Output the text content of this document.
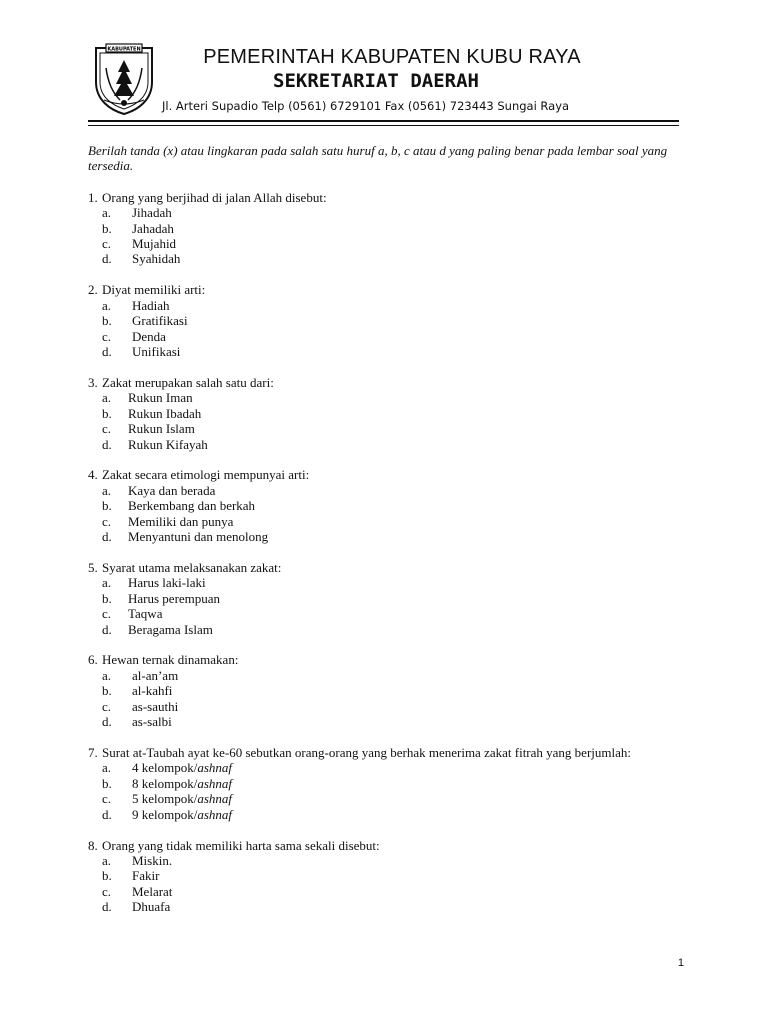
KABUPATEN	PEMERINTAH KABUPATEN KUBU RAYA
SEKRETARIAT DAERAH
Jl. Arteri Supadio Telp (0561) 6729101 Fax (0561) 723443 Sungai Raya

Berilah tanda (x) atau lingkaran pada salah satu huruf a, b, c atau d yang paling benar pada lembar soal yang tersedia.

1. Orang yang berjihad di jalan Allah disebut:
a.	Jihadah
b.	Jahadah
c.	Mujahid
d.	Syahidah
2. Diyat memiliki arti:
a.	Hadiah
b.	Gratifikasi
c.	Denda
d.	Unifikasi
3. Zakat merupakan salah satu dari:
a.	Rukun Iman
b.	Rukun Ibadah
c.	Rukun Islam
d.	Rukun Kifayah
4. Zakat secara etimologi mempunyai arti:
a.	Kaya dan berada
b.	Berkembang dan berkah
c.	Memiliki dan punya
d.	Menyantuni dan menolong
5. Syarat utama melaksanakan zakat:
a.	Harus laki-laki
b.	Harus perempuan
c.	Taqwa
d.	Beragama Islam
6. Hewan ternak dinamakan:
a.	al-an’am
b.	al-kahfi
c.	as-sauthi
d.	as-salbi
7. Surat at-Taubah ayat ke-60 sebutkan orang-orang yang berhak menerima zakat fitrah yang berjumlah:
a.	4 kelompok/ashnaf
b.	8 kelompok/ashnaf
c.	5 kelompok/ashnaf
d.	9 kelompok/ashnaf
8. Orang yang tidak memiliki harta sama sekali disebut:
a.	Miskin.
b.	Fakir
c.	Melarat
d.	Dhuafa
1
